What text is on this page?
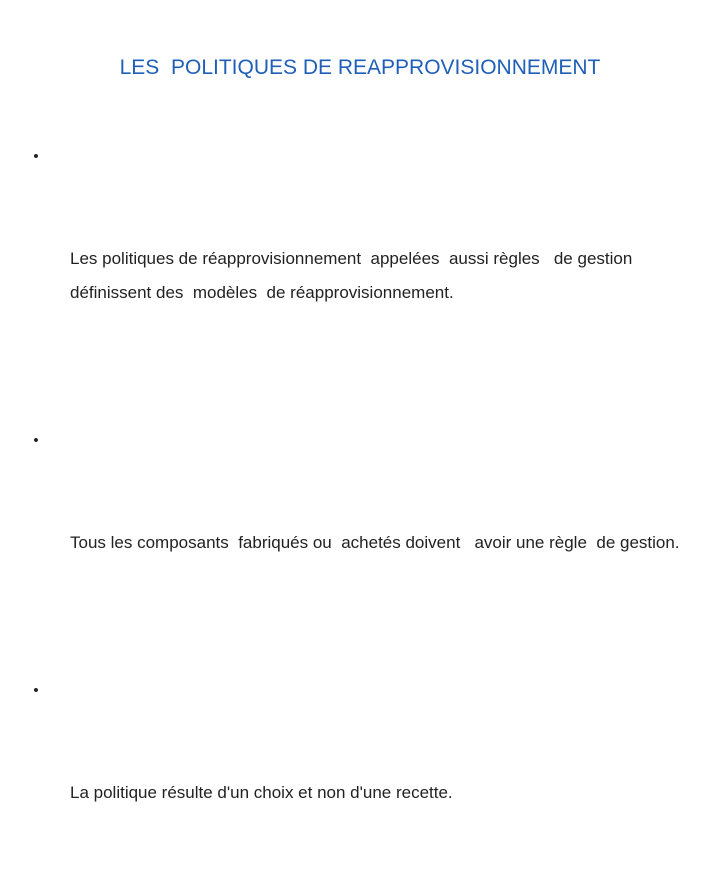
LES  POLITIQUES DE REAPPROVISIONNEMENT

•

Les politiques de réapprovisionnement  appelées  aussi règles   de gestion  définissent des  modèles  de réapprovisionnement.

•

Tous les composants  fabriqués ou  achetés doivent   avoir une règle  de gestion.

•

La politique résulte d'un choix et non d'une recette.
